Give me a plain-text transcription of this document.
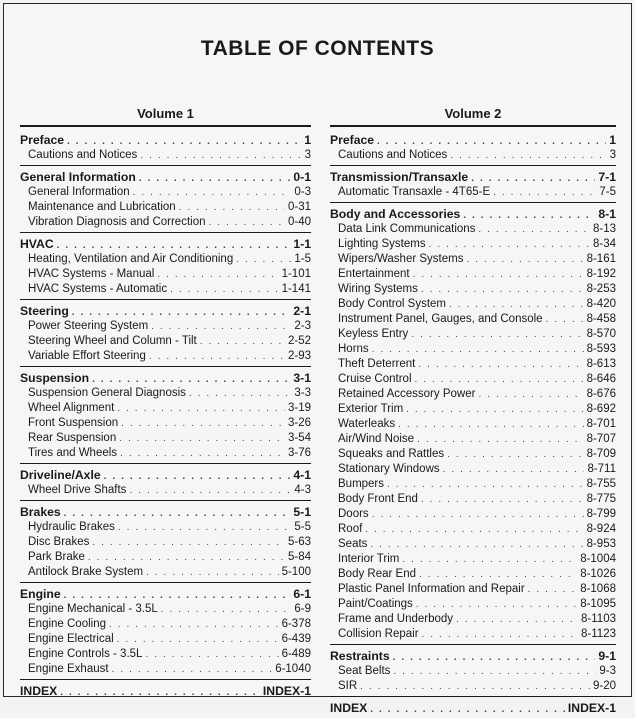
TABLE OF CONTENTS
Volume 1
Preface . . .	1
Cautions and Notices . . .	3
General Information . . .	0-1
General Information . . .	0-3
Maintenance and Lubrication . . .	0-31
Vibration Diagnosis and Correction . . .	0-40
HVAC . . .	1-1
Heating, Ventilation and Air Conditioning . . .	1-5
HVAC Systems - Manual . . .	1-101
HVAC Systems - Automatic . . .	1-141
Steering . . .	2-1
Power Steering System . . .	2-3
Steering Wheel and Column - Tilt . . .	2-52
Variable Effort Steering . . .	2-93
Suspension . . .	3-1
Suspension General Diagnosis . . .	3-3
Wheel Alignment . . .	3-19
Front Suspension . . .	3-26
Rear Suspension . . .	3-54
Tires and Wheels . . .	3-76
Driveline/Axle . . .	4-1
Wheel Drive Shafts . . .	4-3
Brakes . . .	5-1
Hydraulic Brakes . . .	5-5
Disc Brakes . . .	5-63
Park Brake . . .	5-84
Antilock Brake System . . .	5-100
Engine . . .	6-1
Engine Mechanical - 3.5L . . .	6-9
Engine Cooling . . .	6-378
Engine Electrical . . .	6-439
Engine Controls - 3.5L . . .	6-489
Engine Exhaust . . .	6-1040
INDEX . . .	INDEX-1
Volume 2
Preface . . .	1
Cautions and Notices . . .	3
Transmission/Transaxle . . .	7-1
Automatic Transaxle - 4T65-E . . .	7-5
Body and Accessories . . .	8-1
Data Link Communications . . .	8-13
Lighting Systems . . .	8-34
Wipers/Washer Systems . . .	8-161
Entertainment . . .	8-192
Wiring Systems . . .	8-253
Body Control System . . .	8-420
Instrument Panel, Gauges, and Console . . .	8-458
Keyless Entry . . .	8-570
Horns . . .	8-593
Theft Deterrent . . .	8-613
Cruise Control . . .	8-646
Retained Accessory Power . . .	8-676
Exterior Trim . . .	8-692
Waterleaks . . .	8-701
Air/Wind Noise . . .	8-707
Squeaks and Rattles . . .	8-709
Stationary Windows . . .	8-711
Bumpers . . .	8-755
Body Front End . . .	8-775
Doors . . .	8-799
Roof . . .	8-924
Seats . . .	8-953
Interior Trim . . .	8-1004
Body Rear End . . .	8-1026
Plastic Panel Information and Repair . . .	8-1068
Paint/Coatings . . .	8-1095
Frame and Underbody . . .	8-1103
Collision Repair . . .	8-1123
Restraints . . .	9-1
Seat Belts . . .	9-3
SIR . . .	9-20
INDEX . . .	INDEX-1
